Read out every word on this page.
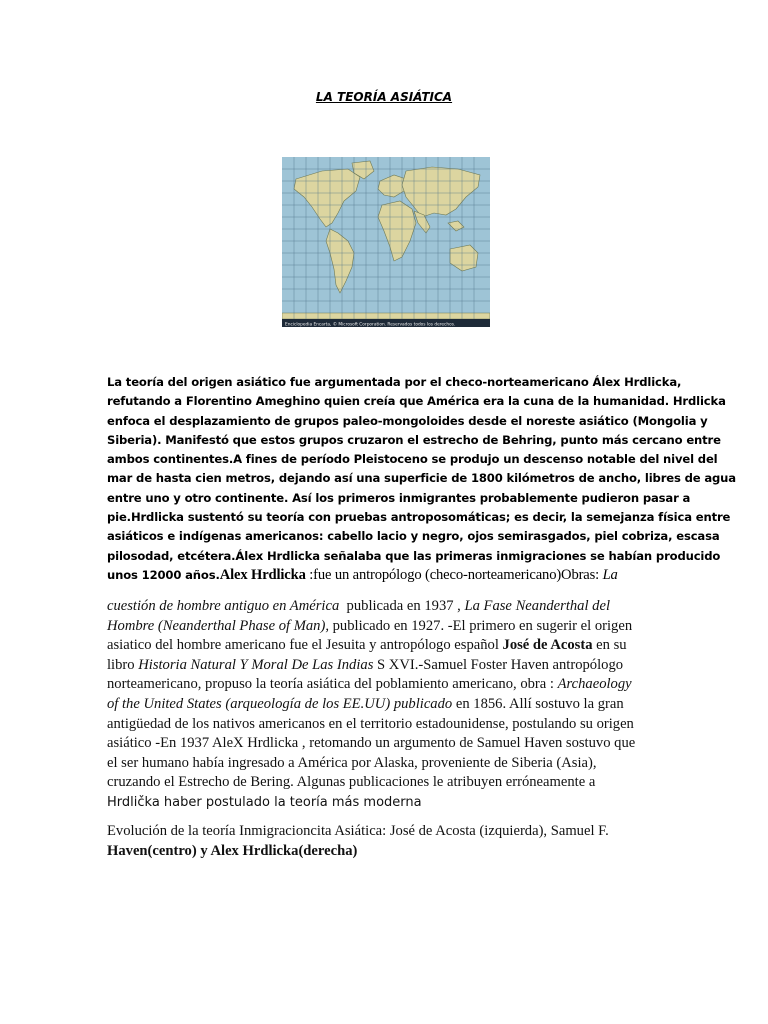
LA TEORÍA ASIÁTICA
Enciclopedia Encarta, © Microsoft Corporation. Reservados todos los derechos.
La teoría del origen asiático fue argumentada por el checo-norteamericano Álex Hrdlicka,
refutando a Florentino Ameghino quien creía que América era la cuna de la humanidad. Hrdlicka
enfoca el desplazamiento de grupos paleo-mongoloides desde el noreste asiático (Mongolia y
Siberia). Manifestó que estos grupos cruzaron el estrecho de Behring, punto más cercano entre
ambos continentes.A fines de período Pleistoceno se produjo un descenso notable del nivel del
mar de hasta cien metros, dejando así una superficie de 1800 kilómetros de ancho, libres de agua
entre uno y otro continente. Así los primeros inmigrantes probablemente pudieron pasar a
pie.Hrdlicka sustentó su teoría con pruebas antroposomáticas; es decir, la semejanza física entre
asiáticos e indígenas americanos: cabello lacio y negro, ojos semirasgados, piel cobriza, escasa
pilosodad, etcétera.Álex Hrdlicka señalaba que las primeras inmigraciones se habían producido
unos 12000 años.Alex Hrdlicka :fue un antropólogo (checo-norteamericano)Obras: La
cuestión de hombre antiguo en América  publicada en 1937 , La Fase Neanderthal del
Hombre (Neanderthal Phase of Man), publicado en 1927. -El primero en sugerir el origen
asiatico del hombre americano fue el Jesuita y antropólogo español José de Acosta en su
libro Historia Natural Y Moral De Las Indias S XVI.-Samuel Foster Haven antropólogo
norteamericano, propuso la teoría asiática del poblamiento americano, obra : Archaeology
of the United States (arqueología de los EE.UU) publicado en 1856. Allí sostuvo la gran
antigüedad de los nativos americanos en el territorio estadounidense, postulando su origen
asiático -En 1937 AleX Hrdlicka , retomando un argumento de Samuel Haven sostuvo que
el ser humano había ingresado a América por Alaska, proveniente de Siberia (Asia),
cruzando el Estrecho de Bering. Algunas publicaciones le atribuyen erróneamente a
Hrdlička haber postulado la teoría más moderna
Evolución de la teoría Inmigracioncita Asiática: José de Acosta (izquierda), Samuel F.
Haven(centro) y Alex Hrdlicka(derecha)
